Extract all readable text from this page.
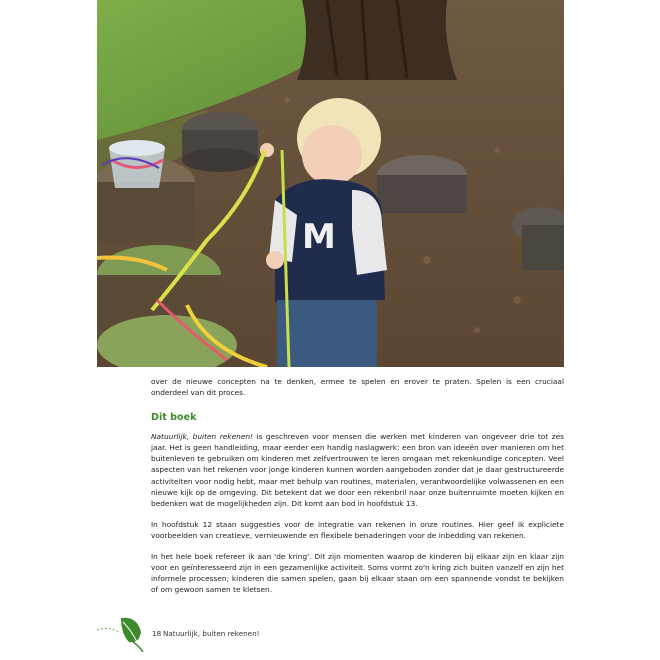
M

over de nieuwe concepten na te denken, ermee te spelen en erover te praten. Spelen is een cruciaal onderdeel van dit proces.

Dit boek

Natuurlijk, buiten rekenen! is geschreven voor mensen die werken met kinderen van ongeveer drie tot zes jaar. Het is geen handleiding, maar eerder een handig naslagwerk: een bron van ideeën over manieren om het buitenleven te gebruiken om kinderen met zelfvertrouwen te leren omgaan met rekenkundige concepten. Veel aspecten van het rekenen voor jonge kinderen kunnen worden aangeboden zonder dat je daar gestructureerde activiteiten voor nodig hebt, maar met behulp van routines, materialen, verantwoordelijke volwassenen en een nieuwe kijk op de omgeving. Dit betekent dat we door een rekenbril naar onze buitenruimte moeten kijken en bedenken wat de mogelijkheden zijn. Dit komt aan bod in hoofdstuk 13.

In hoofdstuk 12 staan suggesties voor de integratie van rekenen in onze routines. Hier geef ik expliciete voorbeelden van creatieve, vernieuwende en flexibele benaderingen voor de inbedding van rekenen.

In het hele boek refereer ik aan 'de kring'. Dit zijn momenten waarop de kinderen bij elkaar zijn en klaar zijn voor en geïnteresseerd zijn in een gezamenlijke activiteit. Soms vormt zo'n kring zich buiten vanzelf en zijn het informele processen; kinderen die samen spelen, gaan bij elkaar staan om een spannende vondst te bekijken of om gewoon samen te kletsen.

18 Natuurlijk, buiten rekenen!
